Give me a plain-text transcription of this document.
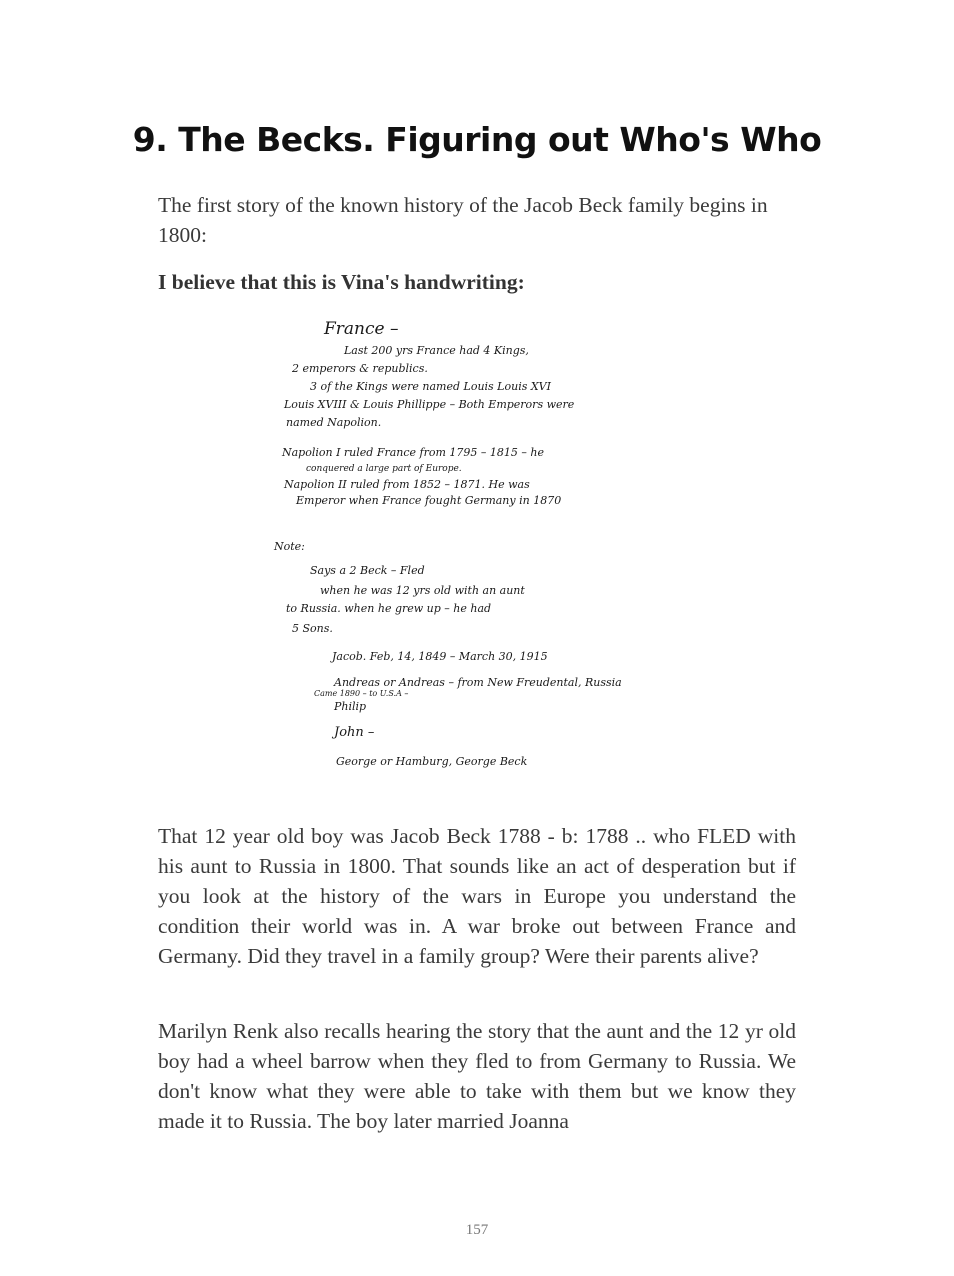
9. The Becks. Figuring out Who's Who

The first story of the known history of the Jacob Beck family begins in 1800:

I believe that this is Vina's handwriting:

France –
Last 200 yrs France had 4 Kings,
2 emperors & republics.
3 of the Kings were named Louis Louis XVI
Louis XVIII & Louis Phillippe – Both Emperors were
named Napolion.
Napolion I ruled France from 1795 – 1815 – he
conquered a large part of Europe.
Napolion II ruled from 1852 – 1871. He was
Emperor when France fought Germany in 1870
Note:
Says a 2 Beck – Fled
when he was 12 yrs old with an aunt
to Russia. when he grew up – he had
5 Sons.
Jacob. Feb, 14, 1849 – March 30, 1915
Andreas or Andreas – from New Freudental, Russia
Came 1890 – to U.S.A –
Philip
John –
George or Hamburg, George Beck

That 12 year old boy was Jacob Beck 1788 - b: 1788 .. who FLED with his aunt to Russia in 1800. That sounds like an act of desperation but if you look at the history of the wars in Europe you understand the condition their world was in. A war broke out between France and Germany. Did they travel in a family group? Were their parents alive?

Marilyn Renk also recalls hearing the story that the aunt and the 12 yr old boy had a wheel barrow when they fled to from Germany to Russia. We don't know what they were able to take with them but we know they made it to Russia. The boy later married Joanna

157
